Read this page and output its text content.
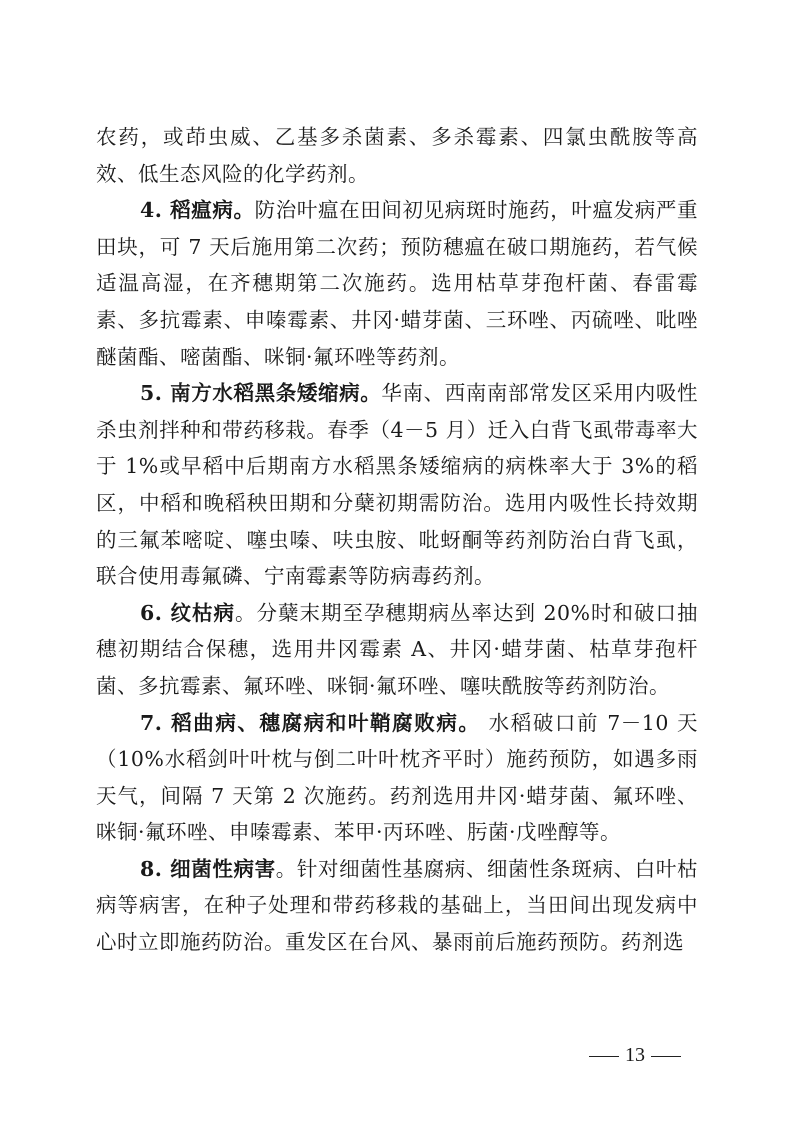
农药，或茚虫威、乙基多杀菌素、多杀霉素、四氯虫酰胺等高效、低生态风险的化学药剂。

4. 稻瘟病。防治叶瘟在田间初见病斑时施药，叶瘟发病严重田块，可 7 天后施用第二次药；预防穗瘟在破口期施药，若气候适温高湿，在齐穗期第二次施药。选用枯草芽孢杆菌、春雷霉素、多抗霉素、申嗪霉素、井冈·蜡芽菌、三环唑、丙硫唑、吡唑醚菌酯、嘧菌酯、咪铜·氟环唑等药剂。

5. 南方水稻黑条矮缩病。华南、西南南部常发区采用内吸性杀虫剂拌种和带药移栽。春季（4－5 月）迁入白背飞虱带毒率大于 1%或早稻中后期南方水稻黑条矮缩病的病株率大于 3%的稻区，中稻和晚稻秧田期和分蘖初期需防治。选用内吸性长持效期的三氟苯嘧啶、噻虫嗪、呋虫胺、吡蚜酮等药剂防治白背飞虱，联合使用毒氟磷、宁南霉素等防病毒药剂。

6. 纹枯病。分蘖末期至孕穗期病丛率达到 20%时和破口抽穗初期结合保穗，选用井冈霉素 A、井冈·蜡芽菌、枯草芽孢杆菌、多抗霉素、氟环唑、咪铜·氟环唑、噻呋酰胺等药剂防治。

7. 稻曲病、穗腐病和叶鞘腐败病。 水稻破口前 7－10 天（10%水稻剑叶叶枕与倒二叶叶枕齐平时）施药预防，如遇多雨天气，间隔 7 天第 2 次施药。药剂选用井冈·蜡芽菌、氟环唑、咪铜·氟环唑、申嗪霉素、苯甲·丙环唑、肟菌·戊唑醇等。

8. 细菌性病害。针对细菌性基腐病、细菌性条斑病、白叶枯病等病害，在种子处理和带药移栽的基础上，当田间出现发病中心时立即施药防治。重发区在台风、暴雨前后施药预防。药剂选

13
